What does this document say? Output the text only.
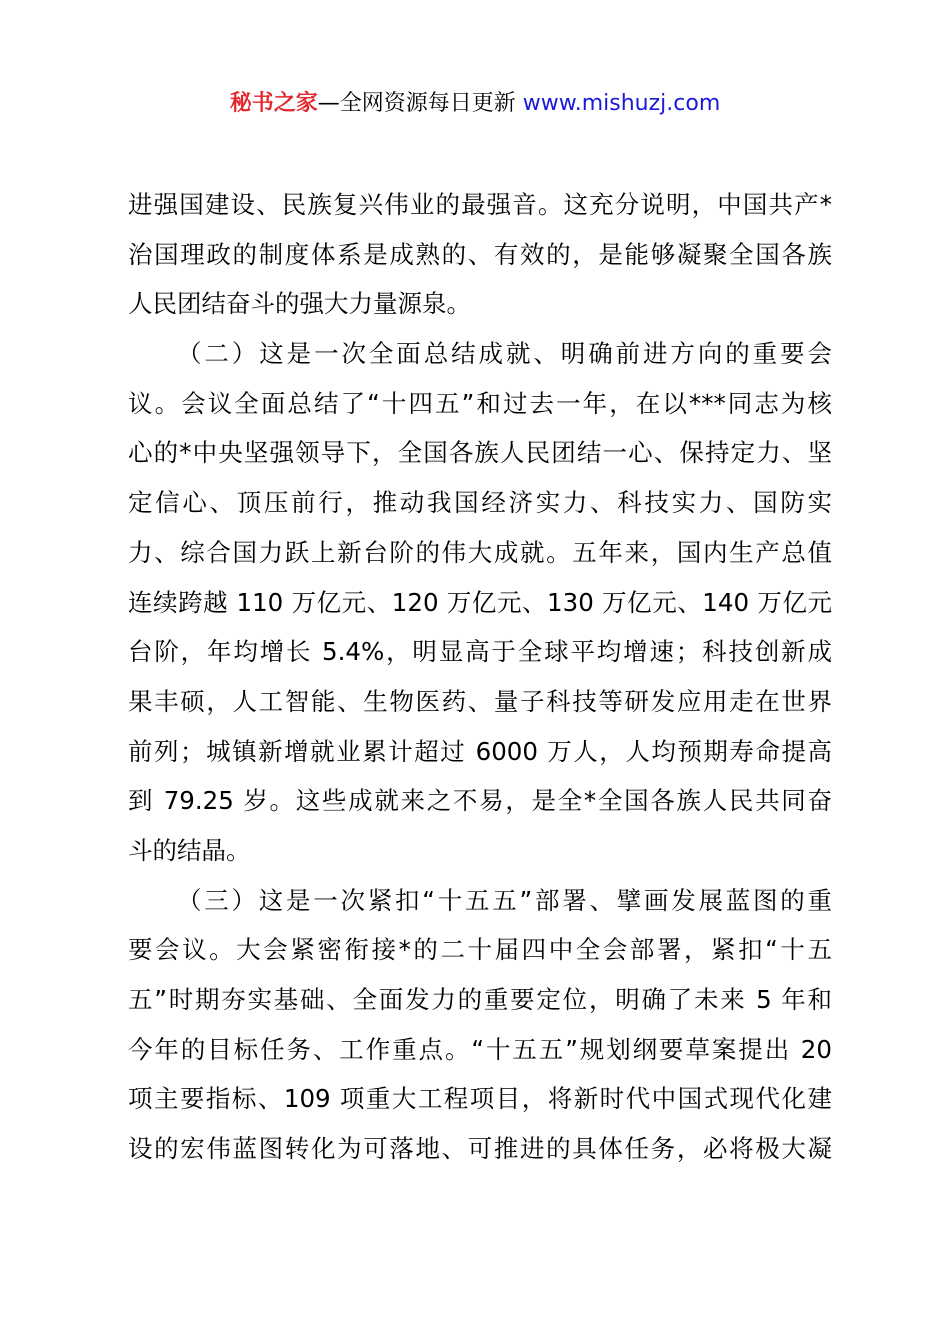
秘书之家—全网资源每日更新 www.mishuzj.com
进强国建设、民族复兴伟业的最强音。这充分说明，中国共产*
治国理政的制度体系是成熟的、有效的，是能够凝聚全国各族
人民团结奋斗的强大力量源泉。
（二）这是一次全面总结成就、明确前进方向的重要会
议。会议全面总结了“十四五”和过去一年，在以***同志为核
心的*中央坚强领导下，全国各族人民团结一心、保持定力、坚
定信心、顶压前行，推动我国经济实力、科技实力、国防实
力、综合国力跃上新台阶的伟大成就。五年来，国内生产总值
连续跨越 110 万亿元、120 万亿元、130 万亿元、140 万亿元
台阶，年均增长 5.4%，明显高于全球平均增速；科技创新成
果丰硕，人工智能、生物医药、量子科技等研发应用走在世界
前列；城镇新增就业累计超过 6000 万人，人均预期寿命提高
到 79.25 岁。这些成就来之不易，是全*全国各族人民共同奋
斗的结晶。
（三）这是一次紧扣“十五五”部署、擘画发展蓝图的重
要会议。大会紧密衔接*的二十届四中全会部署，紧扣“十五
五”时期夯实基础、全面发力的重要定位，明确了未来 5 年和
今年的目标任务、工作重点。“十五五”规划纲要草案提出 20
项主要指标、109 项重大工程项目，将新时代中国式现代化建
设的宏伟蓝图转化为可落地、可推进的具体任务，必将极大凝
